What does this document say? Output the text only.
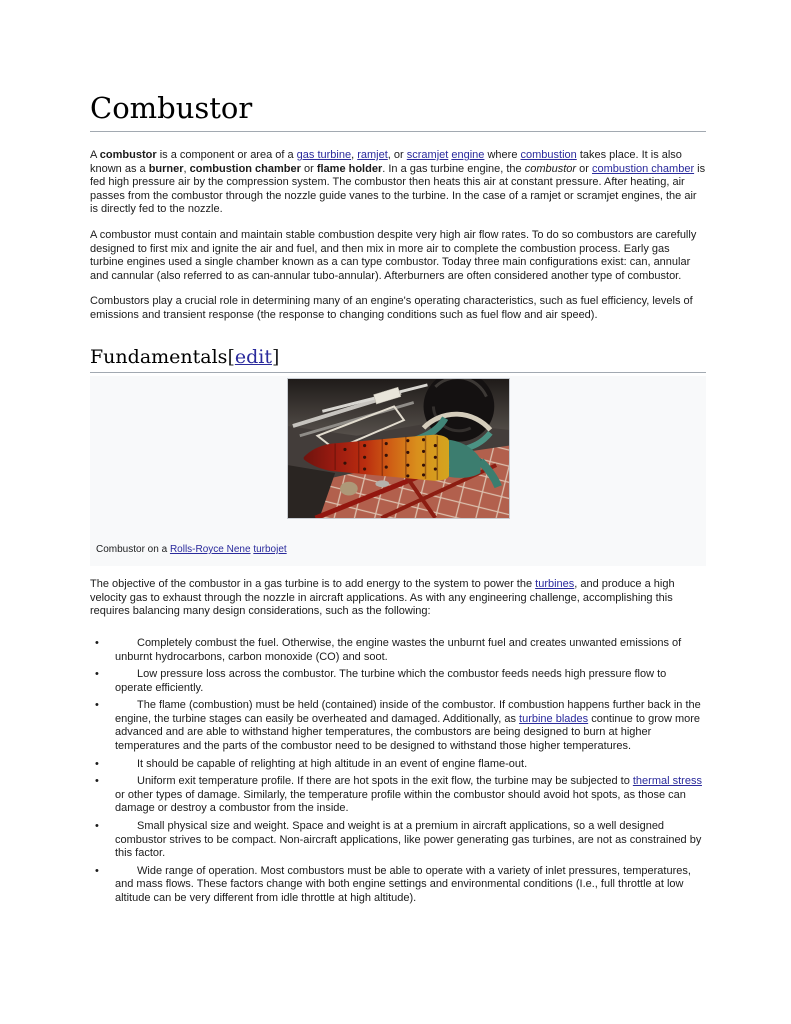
Combustor

A combustor is a component or area of a gas turbine, ramjet, or scramjet engine where combustion takes place. It is also known as a burner, combustion chamber or flame holder. In a gas turbine engine, the combustor or combustion chamber is fed high pressure air by the compression system. The combustor then heats this air at constant pressure. After heating, air passes from the combustor through the nozzle guide vanes to the turbine. In the case of a ramjet or scramjet engines, the air is directly fed to the nozzle.

A combustor must contain and maintain stable combustion despite very high air flow rates. To do so combustors are carefully designed to first mix and ignite the air and fuel, and then mix in more air to complete the combustion process. Early gas turbine engines used a single chamber known as a can type combustor. Today three main configurations exist: can, annular and cannular (also referred to as can-annular tubo-annular). Afterburners are often considered another type of combustor.

Combustors play a crucial role in determining many of an engine's operating characteristics, such as fuel efficiency, levels of emissions and transient response (the response to changing conditions such as fuel flow and air speed).

Fundamentals[edit]
Combustor on a Rolls-Royce Nene turbojet

The objective of the combustor in a gas turbine is to add energy to the system to power the turbines, and produce a high velocity gas to exhaust through the nozzle in aircraft applications. As with any engineering challenge, accomplishing this requires balancing many design considerations, such as the following:

• Completely combust the fuel. Otherwise, the engine wastes the unburnt fuel and creates unwanted emissions of unburnt hydrocarbons, carbon monoxide (CO) and soot.
• Low pressure loss across the combustor. The turbine which the combustor feeds needs high pressure flow to operate efficiently.
• The flame (combustion) must be held (contained) inside of the combustor. If combustion happens further back in the engine, the turbine stages can easily be overheated and damaged. Additionally, as turbine blades continue to grow more advanced and are able to withstand higher temperatures, the combustors are being designed to burn at higher temperatures and the parts of the combustor need to be designed to withstand those higher temperatures.
• It should be capable of relighting at high altitude in an event of engine flame-out.
• Uniform exit temperature profile. If there are hot spots in the exit flow, the turbine may be subjected to thermal stress or other types of damage. Similarly, the temperature profile within the combustor should avoid hot spots, as those can damage or destroy a combustor from the inside.
• Small physical size and weight. Space and weight is at a premium in aircraft applications, so a well designed combustor strives to be compact. Non-aircraft applications, like power generating gas turbines, are not as constrained by this factor.
• Wide range of operation. Most combustors must be able to operate with a variety of inlet pressures, temperatures, and mass flows. These factors change with both engine settings and environmental conditions (I.e., full throttle at low altitude can be very different from idle throttle at high altitude).
